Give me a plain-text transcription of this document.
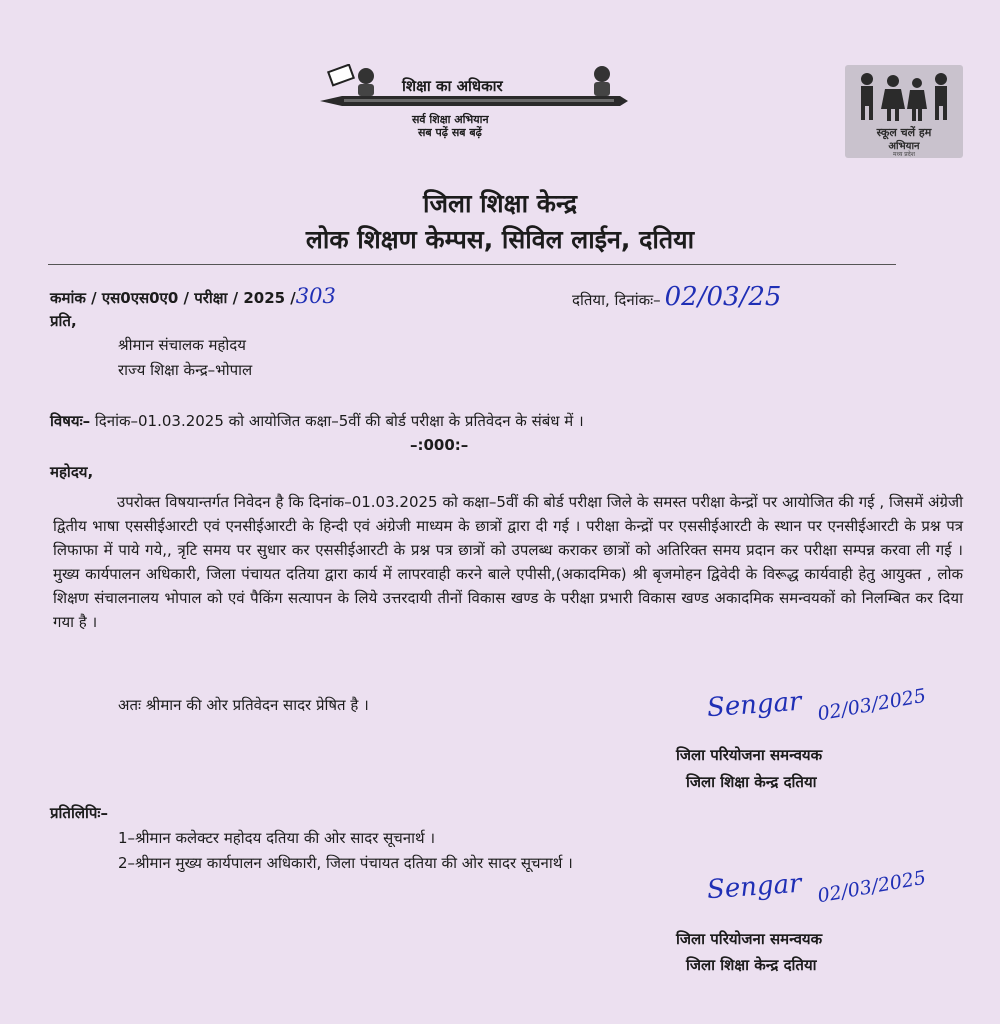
शिक्षा का अधिकार
सर्व शिक्षा अभियान
सब पढ़ें सब बढ़ें	स्कूल चलें हम
अभियान
मध्य प्रदेश
जिला शिक्षा केन्द्र
लोक शिक्षण केम्पस, सिविल लाईन, दतिया
कमांक / एस0एस0ए0 / परीक्षा / 2025 /303	दतिया, दिनांकः– 02/03/25
प्रति,
श्रीमान संचालक महोदय
राज्य शिक्षा केन्द्र–भोपाल
विषयः– दिनांक–01.03.2025 को आयोजित कक्षा–5वीं की बोर्ड परीक्षा के प्रतिवेदन के संबंध में ।
–:000:–
महोदय,
उपरोक्त विषयान्तर्गत निवेदन है कि दिनांक–01.03.2025 को कक्षा–5वीं की बोर्ड परीक्षा जिले के समस्त परीक्षा केन्द्रों पर आयोजित की गई , जिसमें अंग्रेजी द्वितीय भाषा एससीईआरटी एवं एनसीईआरटी के हिन्दी एवं अंग्रेजी माध्यम के छात्रों द्वारा दी गई । परीक्षा केन्द्रों पर एससीईआरटी के स्थान पर एनसीईआरटी के प्रश्न पत्र लिफाफा में पाये गये,, त्रृटि समय पर सुधार कर एससीईआरटी के प्रश्न पत्र छात्रों को उपलब्ध कराकर छात्रों को अतिरिक्त समय प्रदान कर परीक्षा सम्पन्न करवा ली गई । मुख्य कार्यपालन अधिकारी, जिला पंचायत दतिया द्वारा कार्य में लापरवाही करने बाले एपीसी,(अकादमिक) श्री बृजमोहन द्विवेदी के विरूद्ध कार्यवाही हेतु आयुक्त , लोक शिक्षण संचालनालय भोपाल को एवं पैकिंग सत्यापन के लिये उत्तरदायी तीनों विकास खण्ड के परीक्षा प्रभारी विकास खण्ड अकादमिक समन्वयकों को निलम्बित कर दिया गया है ।
अतः श्रीमान की ओर प्रतिवेदन सादर प्रेषित है ।	Sengar 02/03/2025
जिला परियोजना समन्वयक
जिला शिक्षा केन्द्र दतिया
प्रतिलिपिः–
1–श्रीमान कलेक्टर महोदय दतिया की ओर सादर सूचनार्थ ।
2–श्रीमान मुख्य कार्यपालन अधिकारी, जिला पंचायत दतिया की ओर सादर सूचनार्थ ।
Sengar 02/03/2025
जिला परियोजना समन्वयक
जिला शिक्षा केन्द्र दतिया
